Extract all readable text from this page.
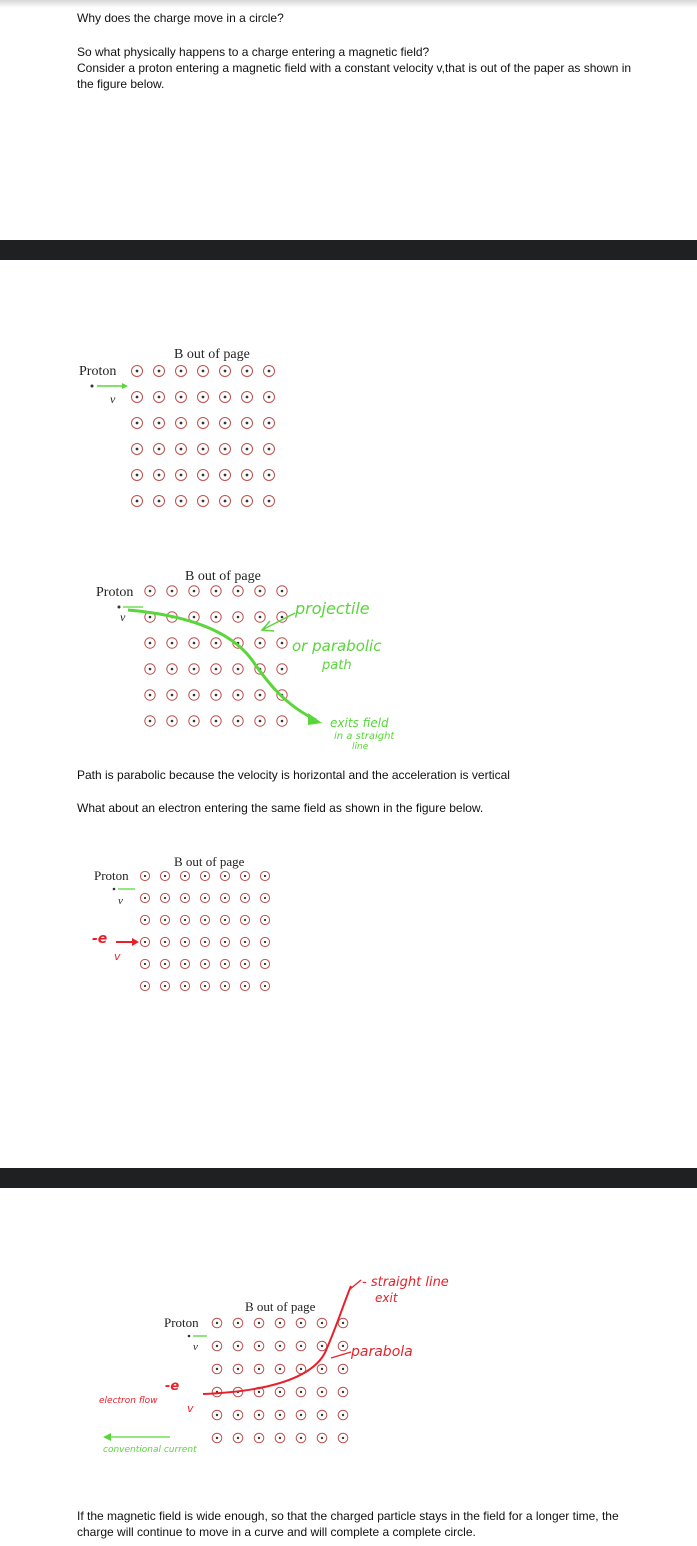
Why does the charge move in a circle?

So what physically happens to a charge entering a magnetic field?

Consider a proton entering a magnetic field with a constant velocity v,that is out of the paper as shown in the figure below.

B out of page
Proton
v
B out of page
Proton
v	projectile
or parabolic
path
exits field
in a straight
line

Path is parabolic because the velocity is horizontal and the acceleration is vertical

What about an electron entering the same field as shown in the figure below.

B out of page
Proton
v
-e
v
B out of page
Proton
v
- straight line
exit
parabola
-e
v
electron flow
conventional current

If the magnetic field is wide enough, so that the charged particle stays in the field for a longer time, the charge will continue to move in a curve and will complete a complete circle.
